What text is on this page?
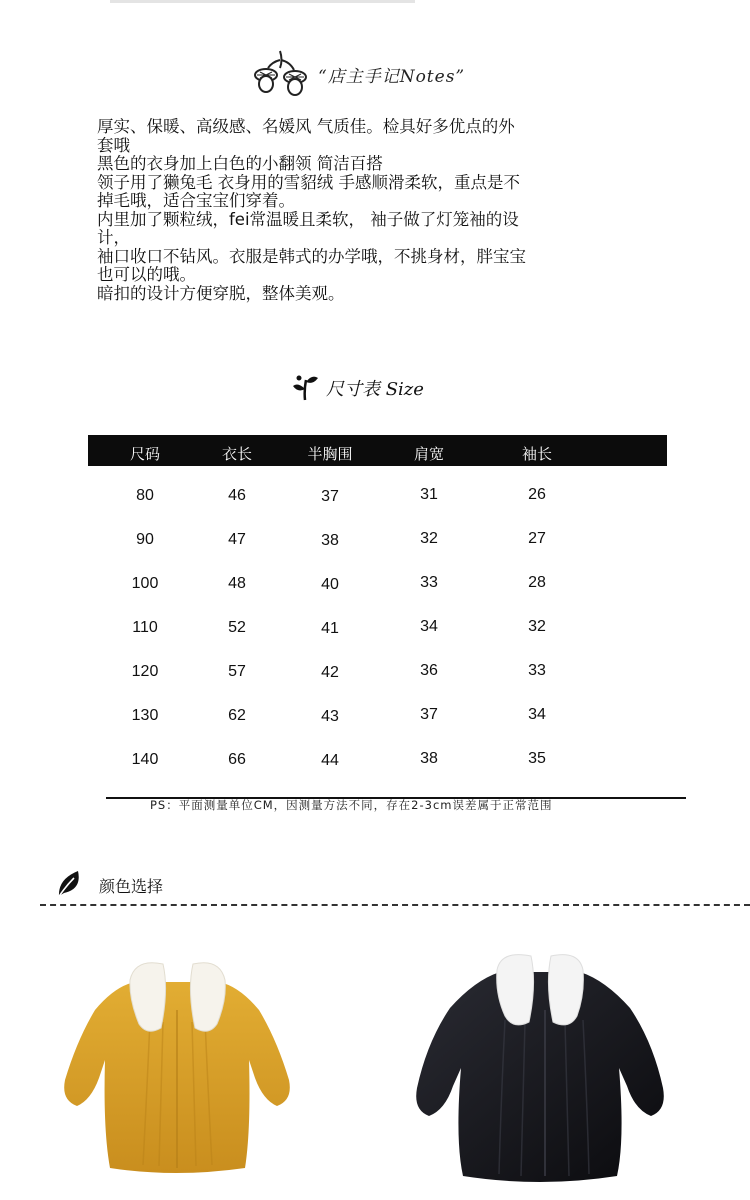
“店主手记Notes”

厚实、保暖、高级感、名媛风 气质佳。检具好多优点的外

套哦

黑色的衣身加上白色的小翻领 简洁百搭

领子用了獭兔毛 衣身用的雪貂绒 手感顺滑柔软，重点是不

掉毛哦，适合宝宝们穿着。

内里加了颗粒绒，fei常温暖且柔软， 袖子做了灯笼袖的设

计，

袖口收口不钻风。衣服是韩式的办学哦，不挑身材，胖宝宝

也可以的哦。

暗扣的设计方便穿脱，整体美观。

尺寸表 Size
尺码	衣长	半胸围	肩宽	袖长
80	46	37	31	26
90	47	38	32	27
100	48	40	33	28
110	52	41	34	32
120	57	42	36	33
130	62	43	37	34
140	66	44	38	35
PS：平面测量单位CM，因测量方法不同，存在2-3cm误差属于正常范围
颜色选择
